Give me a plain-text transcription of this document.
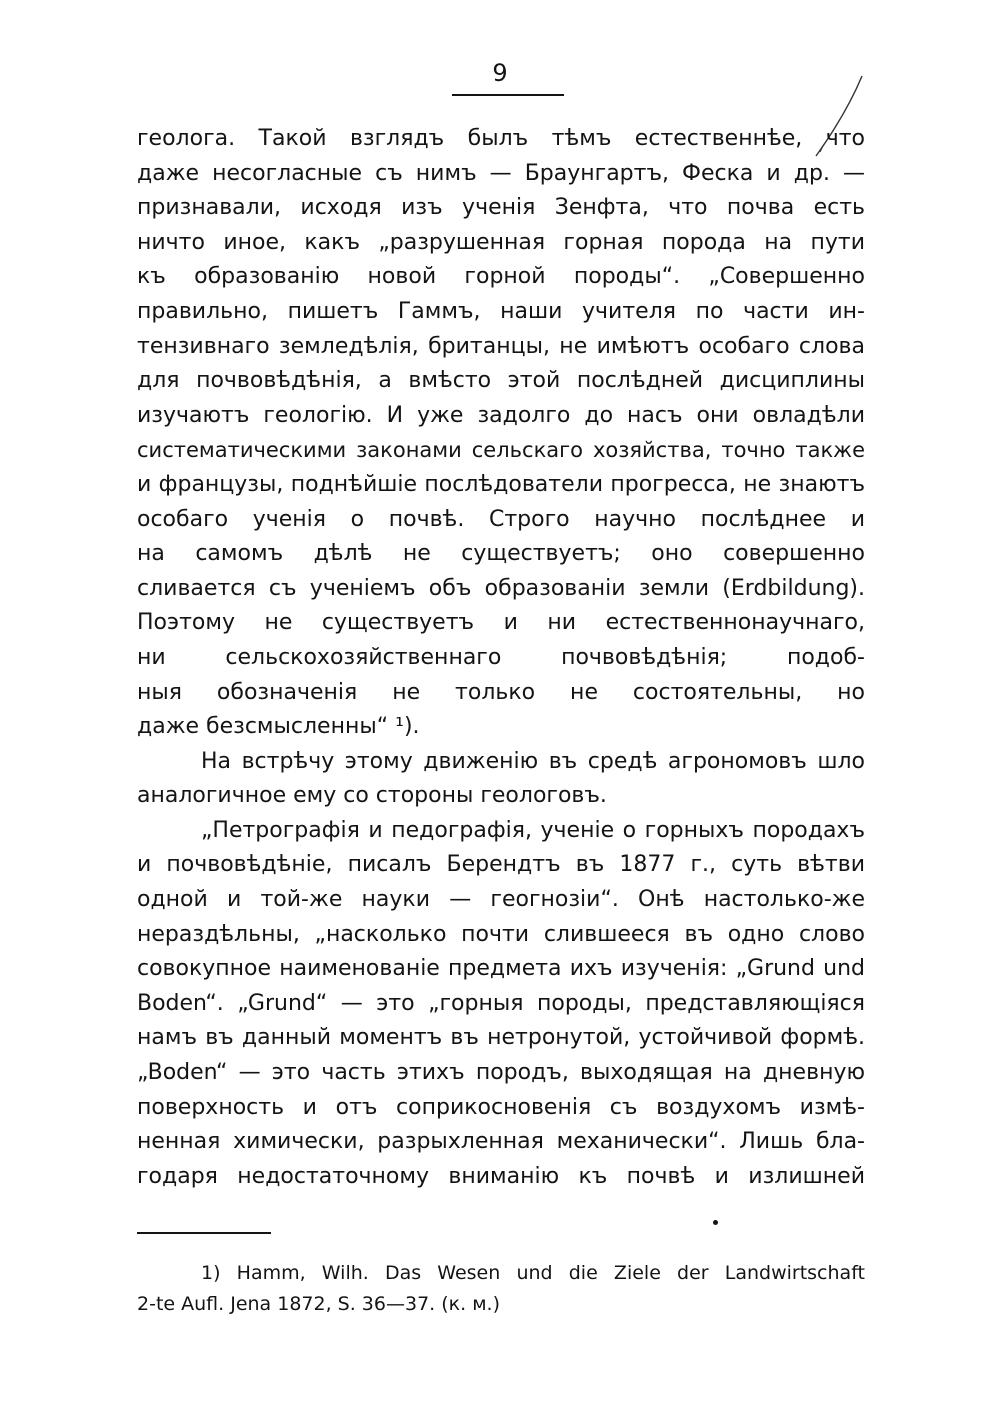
9
геолога. Такой взглядъ былъ тѣмъ естественнѣе, что
даже несогласные съ нимъ — Браунгартъ, Феска и др. —
признавали, исходя изъ ученія Зенфта, что почва есть
ничто иное, какъ „разрушенная горная порода на пути
къ образованію новой горной породы“. „Совершенно
правильно, пишетъ Гаммъ, наши учителя по части ин-
тензивнаго земледѣлія, британцы, не имѣютъ особаго слова
для почвовѣдѣнія, а вмѣсто этой послѣдней дисциплины
изучаютъ геологію. И уже задолго до насъ они овладѣли
систематическими законами сельскаго хозяйства, точно также
и французы, поднѣйшіе послѣдователи прогресса, не знаютъ
особаго ученія о почвѣ. Строго научно послѣднее и
на самомъ дѣлѣ не существуетъ; оно совершенно
сливается съ ученіемъ объ образованіи земли (Erdbildung).
Поэтому не существуетъ и ни естественнонаучнаго,
ни сельскохозяйственнаго почвовѣдѣнія; подоб-
ныя обозначенія не только не состоятельны, но
даже безсмысленны“ ¹).
На встрѣчу этому движенію въ средѣ агрономовъ шло
аналогичное ему со стороны геологовъ.
„Петрографія и педографія, ученіе о горныхъ породахъ
и почвовѣдѣніе, писалъ Берендтъ въ 1877 г., суть вѣтви
одной и той-же науки — геогнозіи“. Онѣ настолько-же
нераздѣльны, „насколько почти слившееся въ одно слово
совокупное наименованіе предмета ихъ изученія: „Grund und
Boden“. „Grund“ — это „горныя породы, представляющіяся
намъ въ данный моментъ въ нетронутой, устойчивой формѣ.
„Boden“ — это часть этихъ породъ, выходящая на дневную
поверхность и отъ соприкосновенія съ воздухомъ измѣ-
ненная химически, разрыхленная механически“. Лишь бла-
годаря недостаточному вниманію къ почвѣ и излишней
1) Hamm, Wilh. Das Wesen und die Ziele der Landwirtschaft
2-te Aufl. Jena 1872, S. 36—37. (к. м.)
